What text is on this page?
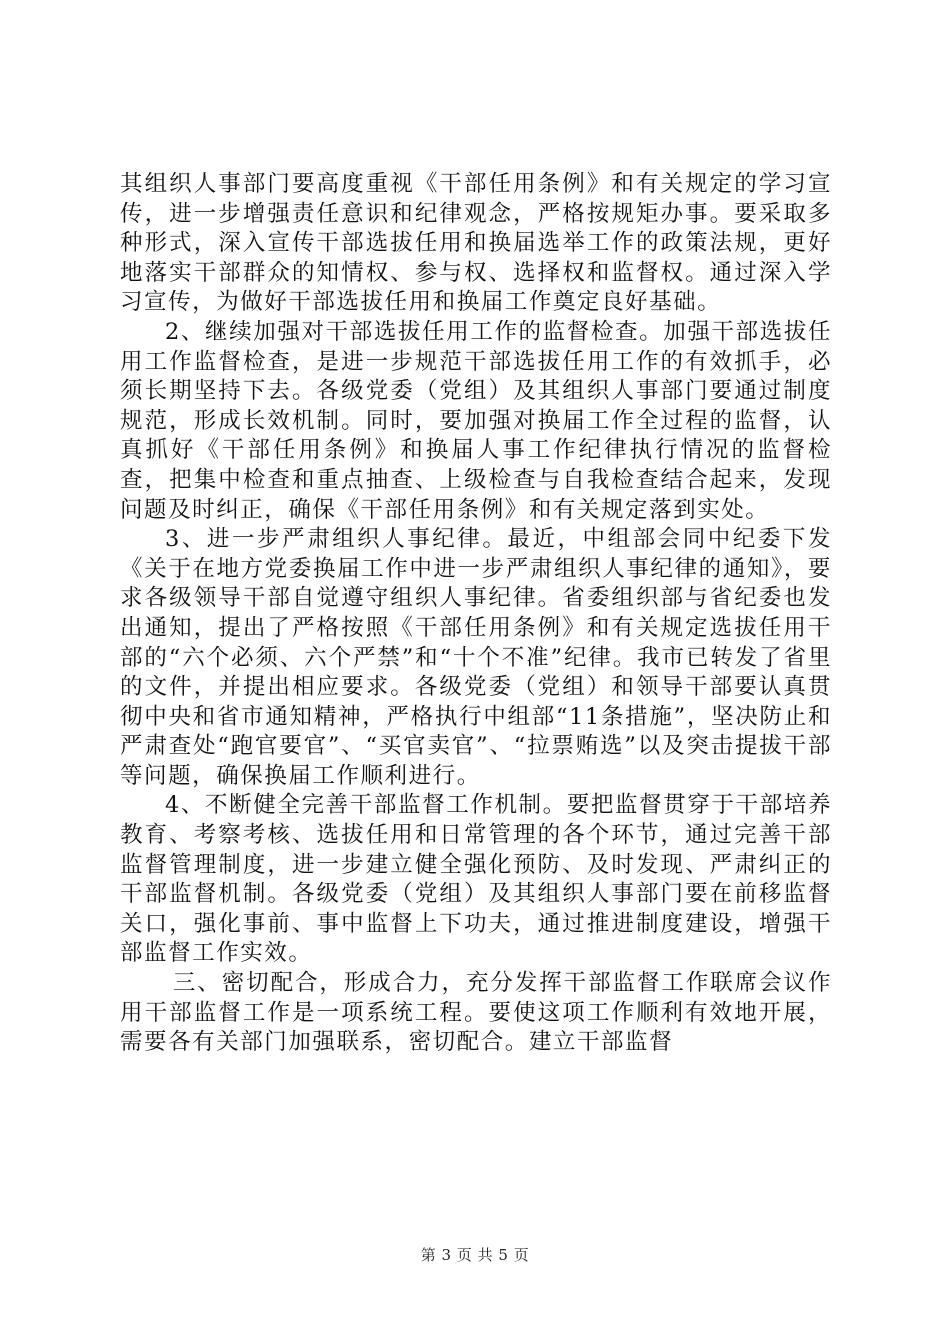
其组织人事部门要高度重视《干部任用条例》和有关规定的学习宣传，进一步增强责任意识和纪律观念，严格按规矩办事。要采取多种形式，深入宣传干部选拔任用和换届选举工作的政策法规，更好地落实干部群众的知情权、参与权、选择权和监督权。通过深入学习宣传，为做好干部选拔任用和换届工作奠定良好基础。

2、继续加强对干部选拔任用工作的监督检查。加强干部选拔任用工作监督检查，是进一步规范干部选拔任用工作的有效抓手，必须长期坚持下去。各级党委（党组）及其组织人事部门要通过制度规范，形成长效机制。同时，要加强对换届工作全过程的监督，认真抓好《干部任用条例》和换届人事工作纪律执行情况的监督检查，把集中检查和重点抽查、上级检查与自我检查结合起来，发现问题及时纠正，确保《干部任用条例》和有关规定落到实处。

3、进一步严肃组织人事纪律。最近，中组部会同中纪委下发《关于在地方党委换届工作中进一步严肃组织人事纪律的通知》，要求各级领导干部自觉遵守组织人事纪律。省委组织部与省纪委也发出通知，提出了严格按照《干部任用条例》和有关规定选拔任用干部的“六个必须、六个严禁”和“十个不准”纪律。我市已转发了省里的文件，并提出相应要求。各级党委（党组）和领导干部要认真贯彻中央和省市通知精神，严格执行中组部“11条措施”，坚决防止和严肃查处“跑官要官”、“买官卖官”、“拉票贿选”以及突击提拔干部等问题，确保换届工作顺利进行。

4、不断健全完善干部监督工作机制。要把监督贯穿于干部培养教育、考察考核、选拔任用和日常管理的各个环节，通过完善干部监督管理制度，进一步建立健全强化预防、及时发现、严肃纠正的干部监督机制。各级党委（党组）及其组织人事部门要在前移监督关口，强化事前、事中监督上下功夫，通过推进制度建设，增强干部监督工作实效。

三、密切配合，形成合力，充分发挥干部监督工作联席会议作用干部监督工作是一项系统工程。要使这项工作顺利有效地开展，需要各有关部门加强联系，密切配合。建立干部监督

第 3 页 共 5 页
